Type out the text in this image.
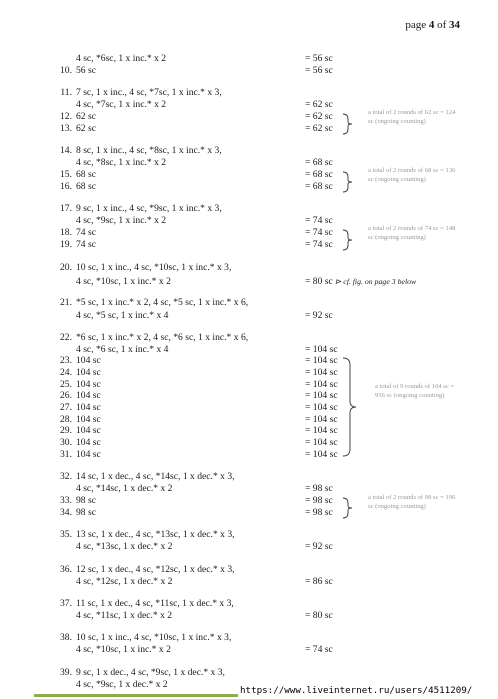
page 4 of 34
4 sc, *6sc, 1 x inc.* x 2	= 56 sc
10. 56 sc	= 56 sc
11. 7 sc, 1 x inc., 4 sc, *7sc, 1 x inc.* x 3,
4 sc, *7sc, 1 x inc.* x 2	= 62 sc
12. 62 sc	= 62 sc
13. 62 sc	= 62 sc
14. 8 sc, 1 x inc., 4 sc, *8sc, 1 x inc.* x 3,
4 sc, *8sc, 1 x inc.* x 2	= 68 sc
15. 68 sc	= 68 sc
16. 68 sc	= 68 sc
17. 9 sc, 1 x inc., 4 sc, *9sc, 1 x inc.* x 3,
4 sc, *9sc, 1 x inc.* x 2	= 74 sc
18. 74 sc	= 74 sc
19. 74 sc	= 74 sc
20. 10 sc, 1 x inc., 4 sc, *10sc, 1 x inc.* x 3,
4 sc, *10sc, 1 x inc.* x 2	= 80 sc ⊳ cf. fig. on page 3 below
21. *5 sc, 1 x inc.* x 2, 4 sc, *5 sc, 1 x inc.* x 6,
4 sc, *5 sc, 1 x inc.* x 4	= 92 sc
22. *6 sc, 1 x inc.* x 2, 4 sc, *6 sc, 1 x inc.* x 6,
4 sc, *6 sc, 1 x inc.* x 4	= 104 sc
23. 104 sc	= 104 sc
24. 104 sc	= 104 sc
25. 104 sc	= 104 sc
26. 104 sc	= 104 sc
27. 104 sc	= 104 sc
28. 104 sc	= 104 sc
29. 104 sc	= 104 sc
30. 104 sc	= 104 sc
31. 104 sc	= 104 sc
32. 14 sc, 1 x dec., 4 sc, *14sc, 1 x dec.* x 3,
4 sc, *14sc, 1 x dec.* x 2	= 98 sc
33. 98 sc	= 98 sc
34. 98 sc	= 98 sc
35. 13 sc, 1 x dec., 4 sc, *13sc, 1 x dec.* x 3,
4 sc, *13sc, 1 x dec.* x 2	= 92 sc
36. 12 sc, 1 x dec., 4 sc, *12sc, 1 x dec.* x 3,
4 sc, *12sc, 1 x dec.* x 2	= 86 sc
37. 11 sc, 1 x dec., 4 sc, *11sc, 1 x dec.* x 3,
4 sc, *11sc, 1 x dec.* x 2	= 80 sc
38. 10 sc, 1 x inc., 4 sc, *10sc, 1 x inc.* x 3,
4 sc, *10sc, 1 x inc.* x 2	= 74 sc
39. 9 sc, 1 x dec., 4 sc, *9sc, 1 x dec.* x 3,
4 sc, *9sc, 1 x dec.* x 2
a total of 2 rounds of 62 sc = 124 sc (ongoing counting)
a total of 2 rounds of 68 sc = 136 sc (ongoing counting)
a total of 2 rounds of 74 sc = 148 sc (ongoing counting)
a total of 9 rounds of 104 sc = 936 sc (ongoing counting)
a total of 2 rounds of 98 sc = 196 sc (ongoing counting)
https://www.liveinternet.ru/users/4511209/
